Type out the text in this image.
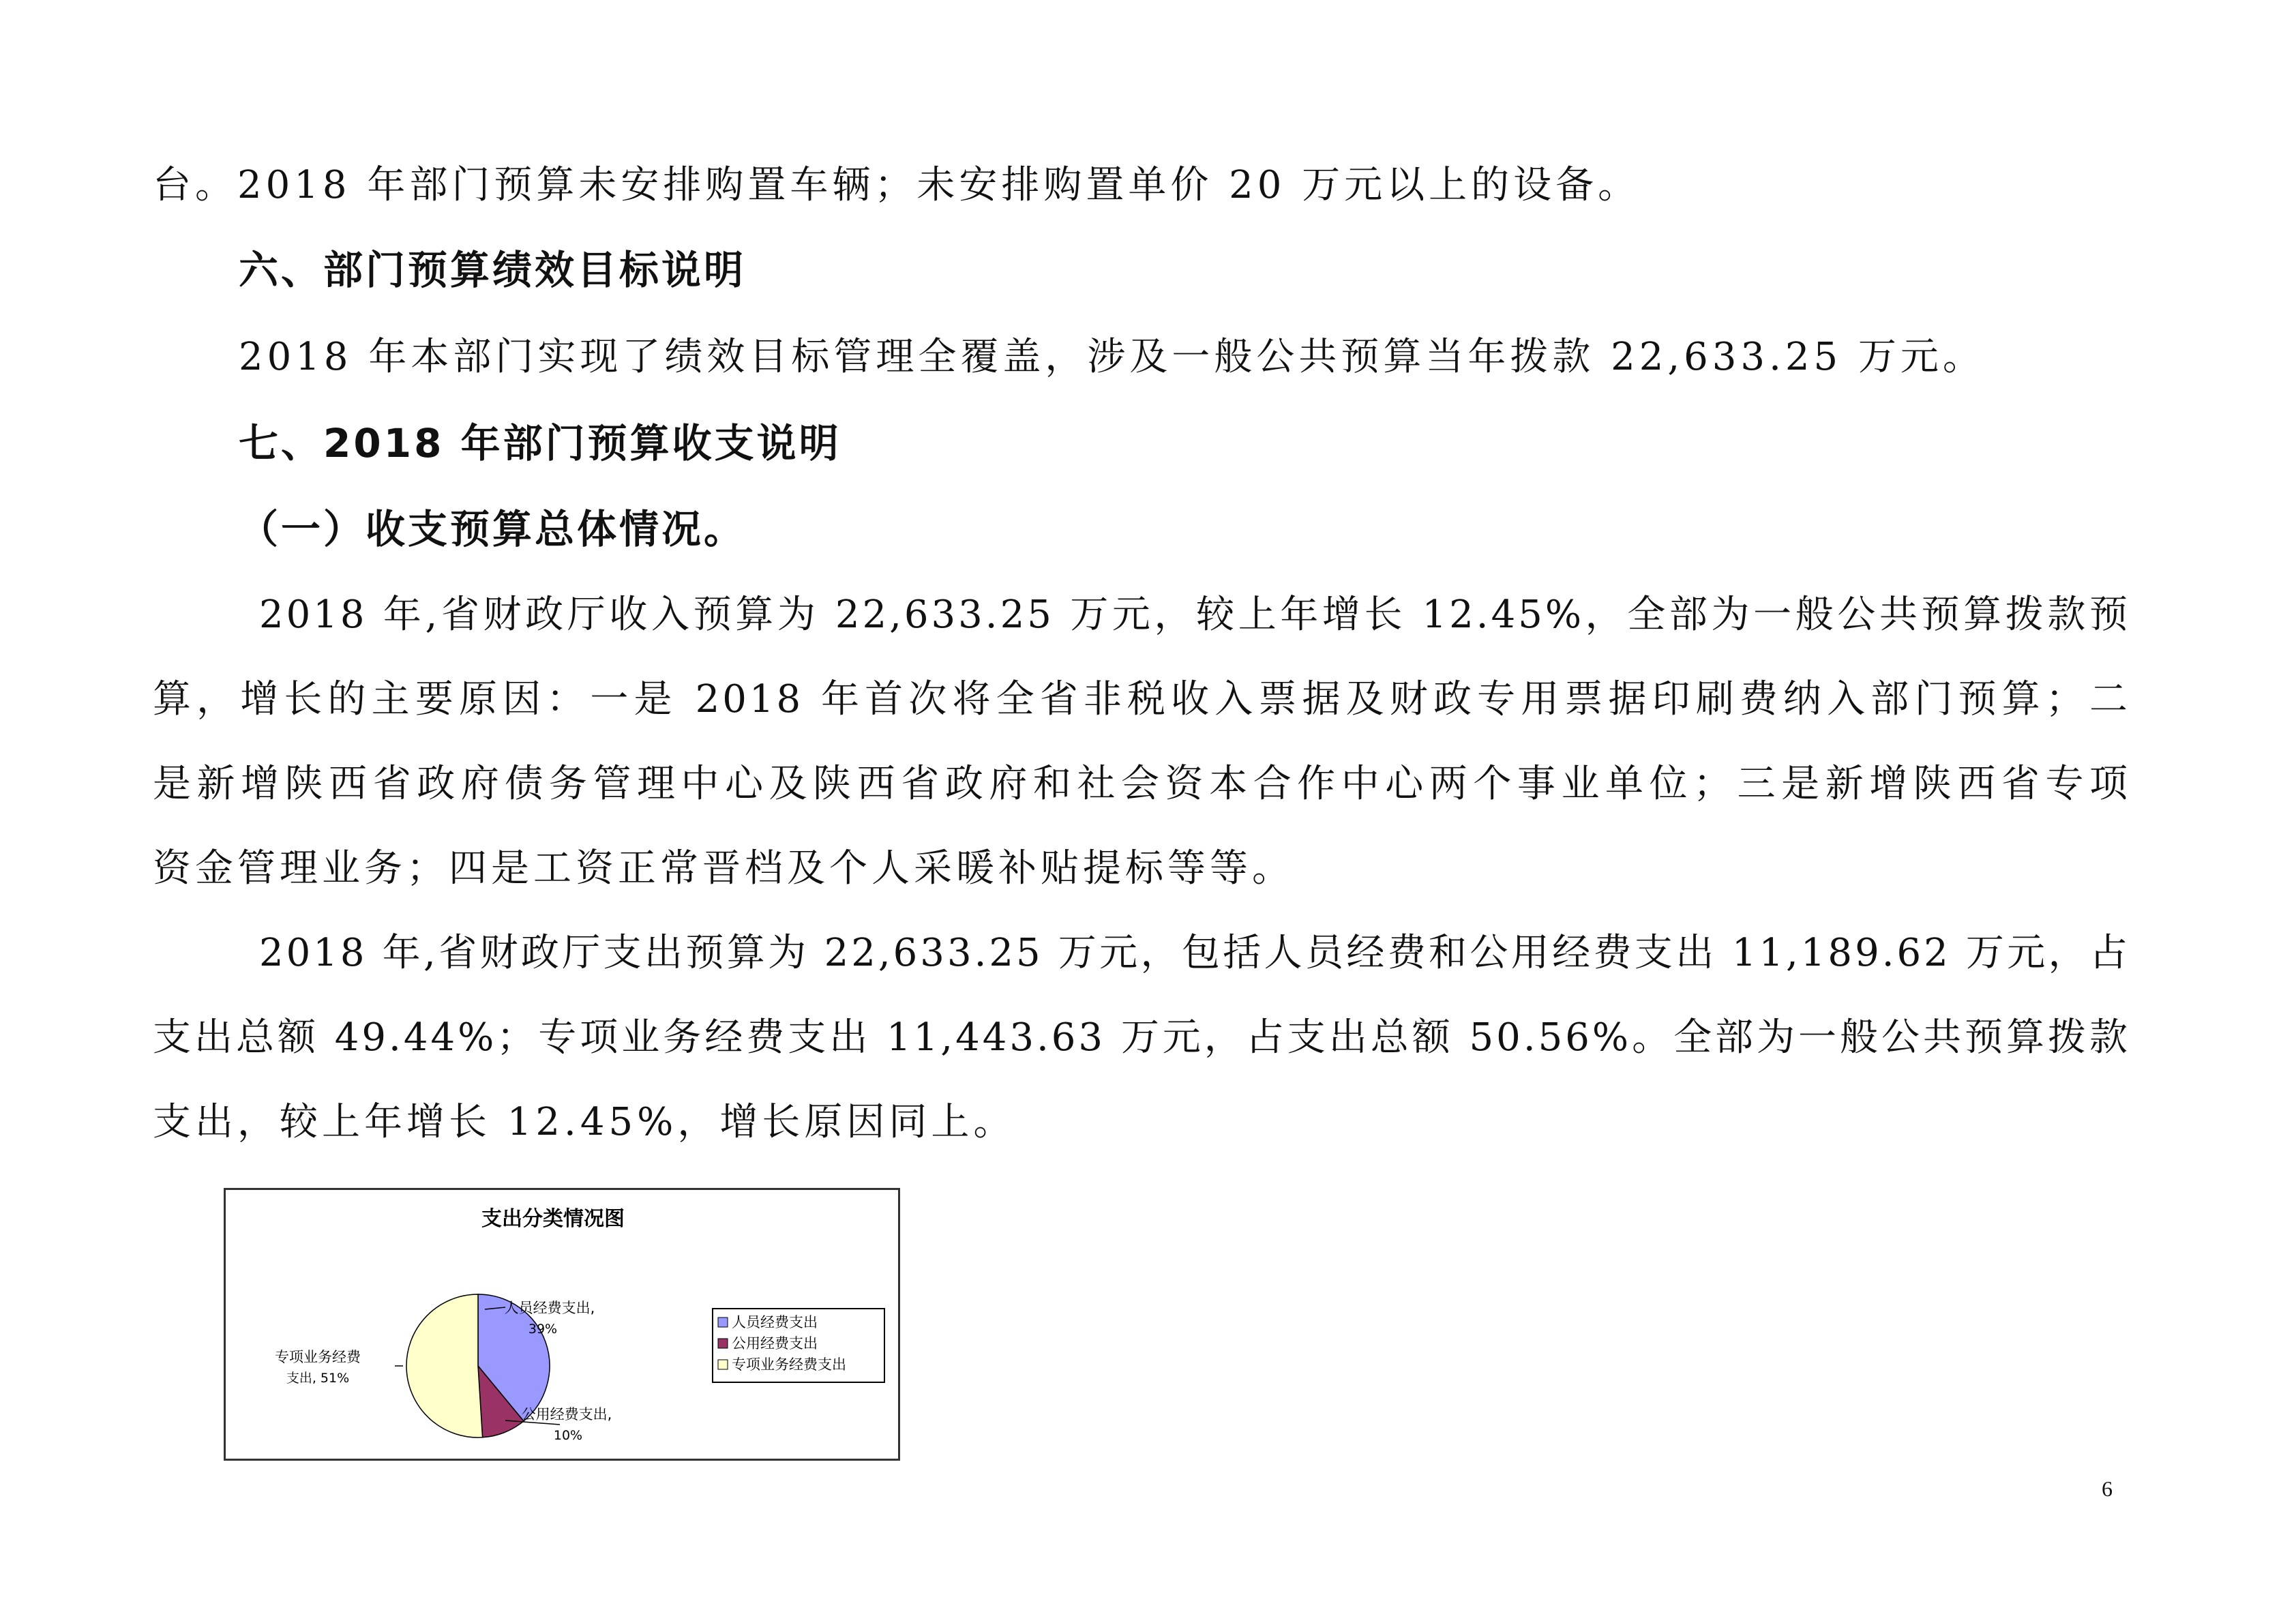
台。2018 年部门预算未安排购置车辆；未安排购置单价 20 万元以上的设备。
六、部门预算绩效目标说明
2018 年本部门实现了绩效目标管理全覆盖，涉及一般公共预算当年拨款 22,633.25 万元。
七、2018 年部门预算收支说明
（一）收支预算总体情况。
2018 年,省财政厅收入预算为 22,633.25 万元，较上年增长 12.45%，全部为一般公共预算拨款预
算，增长的主要原因：一是 2018 年首次将全省非税收入票据及财政专用票据印刷费纳入部门预算；二
是新增陕西省政府债务管理中心及陕西省政府和社会资本合作中心两个事业单位；三是新增陕西省专项
资金管理业务；四是工资正常晋档及个人采暖补贴提标等等。
2018 年,省财政厅支出预算为 22,633.25 万元，包括人员经费和公用经费支出 11,189.62 万元，占
支出总额 49.44%；专项业务经费支出 11,443.63 万元，占支出总额 50.56%。全部为一般公共预算拨款
支出，较上年增长 12.45%，增长原因同上。
支出分类情况图
人员经费支出,
39%
公用经费支出,
10%
专项业务经费
支出, 51%
人员经费支出
公用经费支出
专项业务经费支出
6
